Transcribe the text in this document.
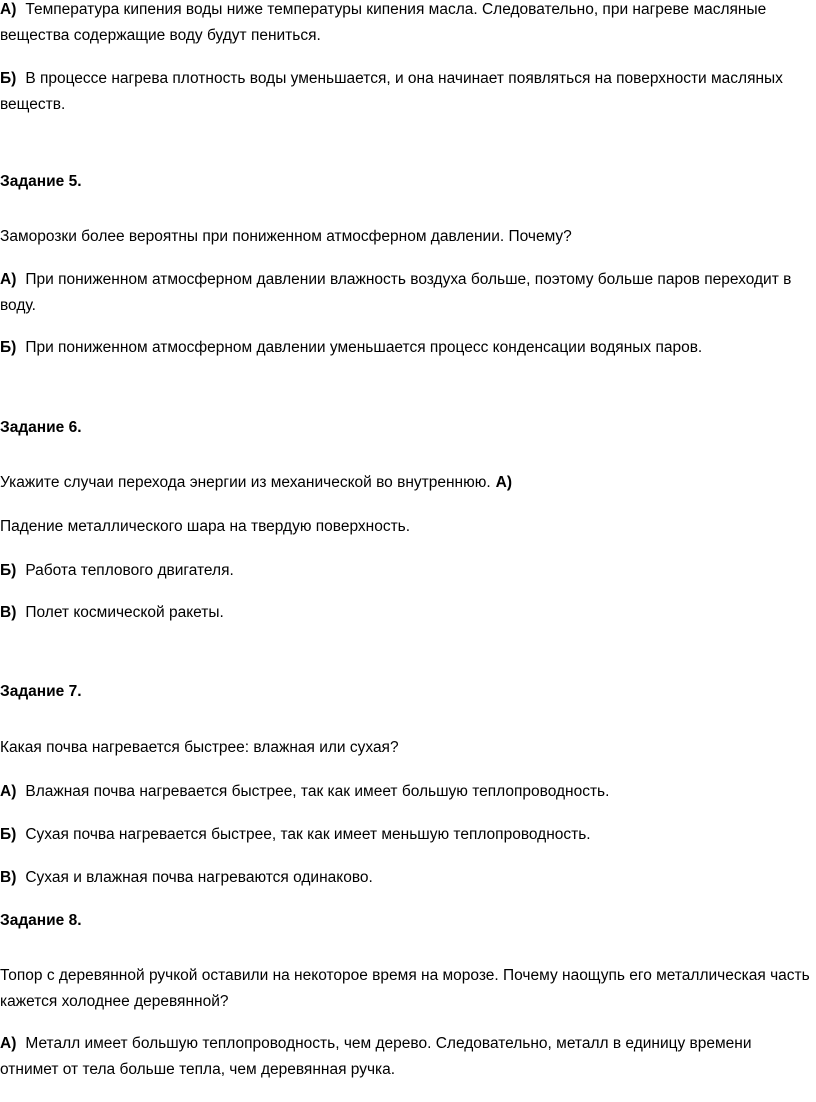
А) Температура кипения воды ниже температуры кипения масла. Следовательно, при нагреве масляные вещества содержащие воду будут пениться.
Б) В процессе нагрева плотность воды уменьшается, и она начинает появляться на поверхности масляных веществ.
Задание 5.
Заморозки более вероятны при пониженном атмосферном давлении. Почему?
А) При пониженном атмосферном давлении влажность воздуха больше, поэтому больше паров переходит в воду.
Б) При пониженном атмосферном давлении уменьшается процесс конденсации водяных паров.
Задание 6.
Укажите случаи перехода энергии из механической во внутреннюю. А)
Падение металлического шара на твердую поверхность.
Б) Работа теплового двигателя.
В) Полет космической ракеты.
Задание 7.
Какая почва нагревается быстрее: влажная или сухая?
А) Влажная почва нагревается быстрее, так как имеет большую теплопроводность.
Б) Сухая почва нагревается быстрее, так как имеет меньшую теплопроводность.
В) Сухая и влажная почва нагреваются одинаково.
Задание 8.
Топор с деревянной ручкой оставили на некоторое время на морозе. Почему наощупь его металлическая часть кажется холоднее деревянной?
А) Металл имеет большую теплопроводность, чем дерево. Следовательно, металл в единицу времени отнимет от тела больше тепла, чем деревянная ручка.
